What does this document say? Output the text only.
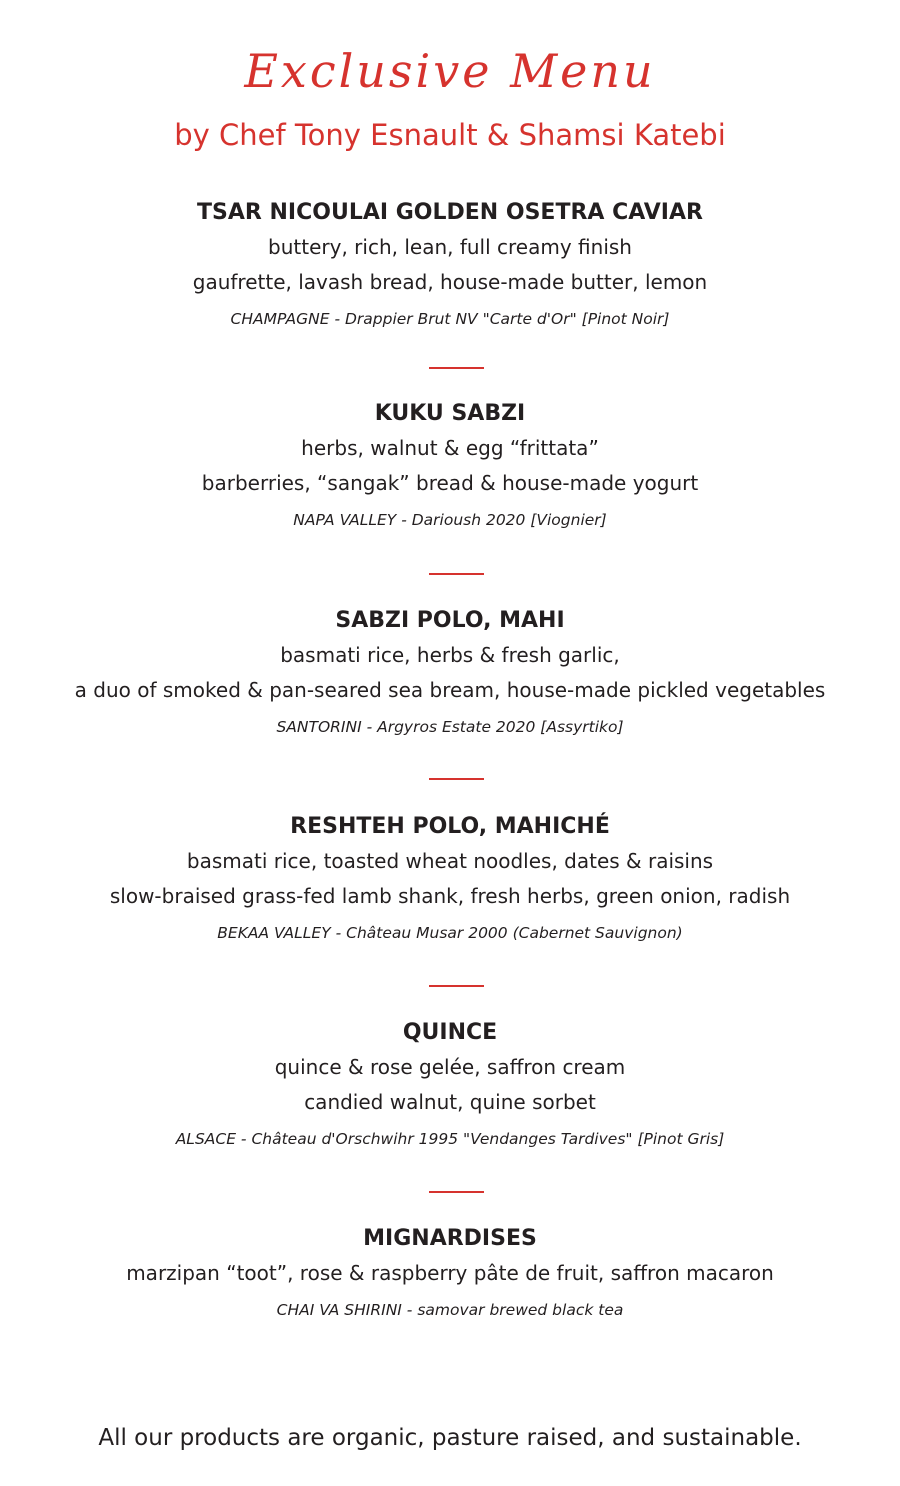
Exclusive Menu
by Chef Tony Esnault & Shamsi Katebi
TSAR NICOULAI GOLDEN OSETRA CAVIAR
buttery, rich, lean, full creamy finish
gaufrette, lavash bread, house-made butter, lemon
CHAMPAGNE - Drappier Brut NV "Carte d'Or" [Pinot Noir]
KUKU SABZI
herbs, walnut & egg “frittata”
barberries, “sangak” bread & house-made yogurt
NAPA VALLEY - Darioush 2020 [Viognier]
SABZI POLO, MAHI
basmati rice, herbs & fresh garlic,
a duo of smoked & pan-seared sea bream, house-made pickled vegetables
SANTORINI - Argyros Estate 2020 [Assyrtiko]
RESHTEH POLO, MAHICHÉ
basmati rice, toasted wheat noodles, dates & raisins
slow-braised grass-fed lamb shank, fresh herbs, green onion, radish
BEKAA VALLEY - Château Musar 2000 (Cabernet Sauvignon)
QUINCE
quince & rose gelée, saffron cream
candied walnut, quine sorbet
ALSACE - Château d'Orschwihr 1995 "Vendanges Tardives" [Pinot Gris]
MIGNARDISES
marzipan “toot”, rose & raspberry pâte de fruit, saffron macaron
CHAI VA SHIRINI - samovar brewed black tea
All our products are organic, pasture raised, and sustainable.
